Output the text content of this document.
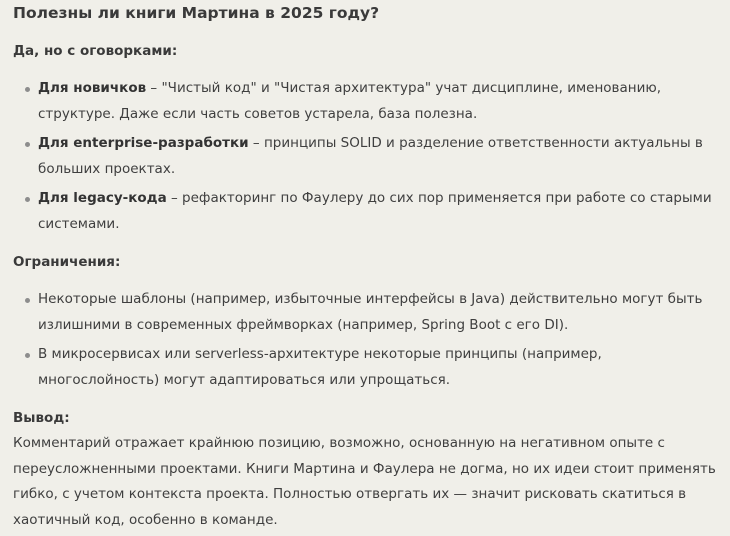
Полезны ли книги Мартина в 2025 году?
Да, но с оговорками:
Для новичков – "Чистый код" и "Чистая архитектура" учат дисциплине, именованию,
структуре. Даже если часть советов устарела, база полезна.
Для enterprise-разработки – принципы SOLID и разделение ответственности актуальны в
больших проектах.
Для legacy-кода – рефакторинг по Фаулеру до сих пор применяется при работе со старыми
системами.
Ограничения:
Некоторые шаблоны (например, избыточные интерфейсы в Java) действительно могут быть
излишними в современных фреймворках (например, Spring Boot с его DI).
В микросервисах или serverless-архитектуре некоторые принципы (например,
многослойность) могут адаптироваться или упрощаться.
Вывод:

Комментарий отражает крайнюю позицию, возможно, основанную на негативном опыте с
переусложненными проектами. Книги Мартина и Фаулера не догма, но их идеи стоит применять
гибко, с учетом контекста проекта. Полностью отвергать их — значит рисковать скатиться в
хаотичный код, особенно в команде.
